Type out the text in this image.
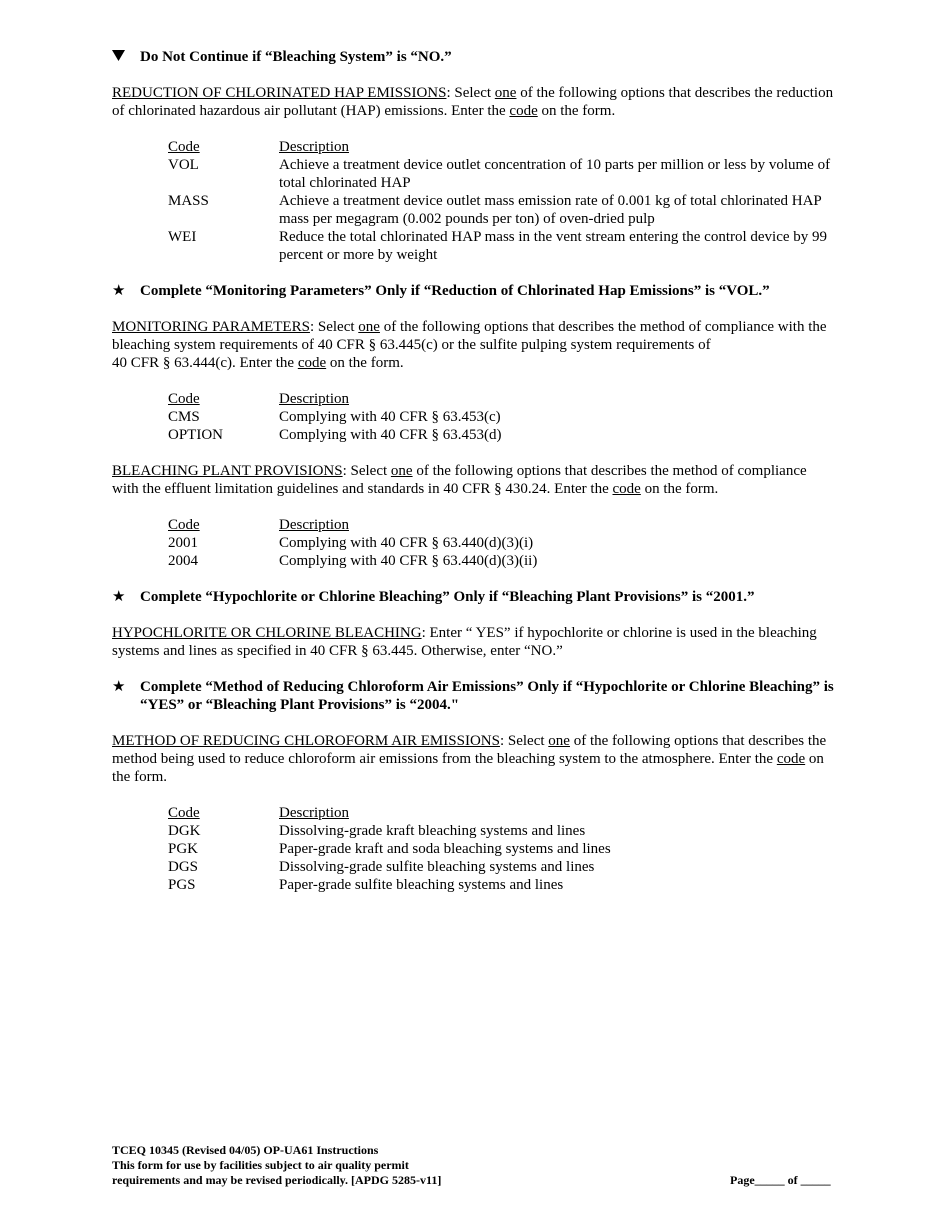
Do Not Continue if “Bleaching System” is “NO.”

REDUCTION OF CHLORINATED HAP EMISSIONS: Select one of the following options that describes the reduction of chlorinated hazardous air pollutant (HAP) emissions. Enter the code on the form.

Code	Description
VOL	Achieve a treatment device outlet concentration of 10 parts per million or less by volume of total chlorinated HAP
MASS	Achieve a treatment device outlet mass emission rate of 0.001 kg of total chlorinated HAP mass per megagram (0.002 pounds per ton) of oven-dried pulp
WEI	Reduce the total chlorinated HAP mass in the vent stream entering the control device by 99 percent or more by weight
★ Complete “Monitoring Parameters” Only if “Reduction of Chlorinated Hap Emissions” is “VOL.”

MONITORING PARAMETERS: Select one of the following options that describes the method of compliance with the bleaching system requirements of 40 CFR § 63.445(c) or the sulfite pulping system requirements of
40 CFR § 63.444(c). Enter the code on the form.

Code	Description
CMS	Complying with 40 CFR § 63.453(c)
OPTION	Complying with 40 CFR § 63.453(d)

BLEACHING PLANT PROVISIONS: Select one of the following options that describes the method of compliance with the effluent limitation guidelines and standards in 40 CFR § 430.24. Enter the code on the form.

Code	Description
2001	Complying with 40 CFR § 63.440(d)(3)(i)
2004	Complying with 40 CFR § 63.440(d)(3)(ii)
★ Complete “Hypochlorite or Chlorine Bleaching” Only if “Bleaching Plant Provisions” is “2001.”

HYPOCHLORITE OR CHLORINE BLEACHING: Enter “ YES” if hypochlorite or chlorine is used in the bleaching systems and lines as specified in 40 CFR § 63.445. Otherwise, enter “NO.”

★ Complete “Method of Reducing Chloroform Air Emissions” Only if “Hypochlorite or Chlorine Bleaching” is “YES” or “Bleaching Plant Provisions” is “2004."

METHOD OF REDUCING CHLOROFORM AIR EMISSIONS: Select one of the following options that describes the method being used to reduce chloroform air emissions from the bleaching system to the atmosphere. Enter the code on the form.

Code	Description
DGK	Dissolving-grade kraft bleaching systems and lines
PGK	Paper-grade kraft and soda bleaching systems and lines
DGS	Dissolving-grade sulfite bleaching systems and lines
PGS	Paper-grade sulfite bleaching systems and lines
TCEQ 10345 (Revised 04/05) OP-UA61 Instructions
This form for use by facilities subject to air quality permit
requirements and may be revised periodically. [APDG 5285-v11]	Page_____ of _____
